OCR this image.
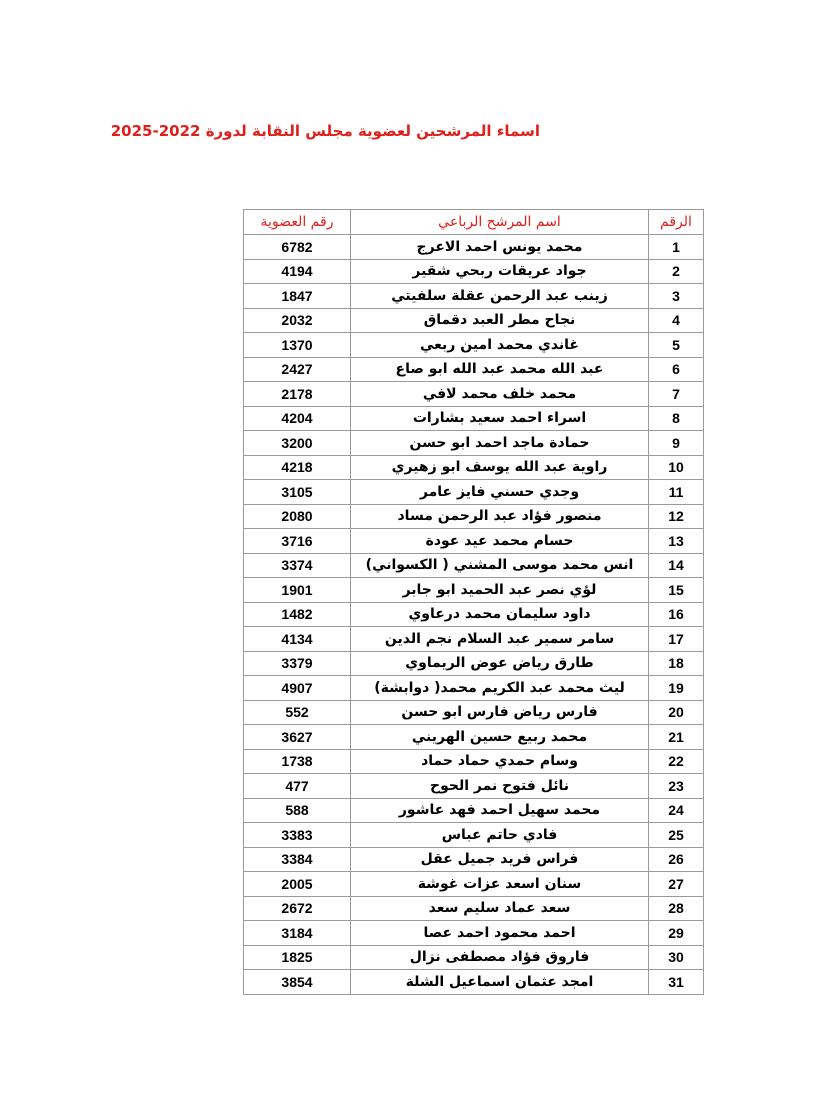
اسماء المرشحين لعضوية مجلس النقابة لدورة 2022-2025
الرقم	اسم المرشح الرباعي	رقم العضوية
1	محمد يونس احمد الاعرج	6782
2	جواد عريقات ربحي شقير	4194
3	زينب عبد الرحمن عقلة سلفيتي	1847
4	نجاح مطر العبد دقماق	2032
5	غاندي محمد امين ربعي	1370
6	عبد الله محمد عبد الله ابو صاع	2427
7	محمد خلف محمد لافي	2178
8	اسراء احمد سعيد بشارات	4204
9	حمادة ماجد احمد ابو حسن	3200
10	راوية عبد الله يوسف ابو زهيري	4218
11	وجدي حسني فايز عامر	3105
12	منصور فؤاد عبد الرحمن مساد	2080
13	حسام محمد عيد عودة	3716
14	انس محمد موسى المشني ( الكسواني)	3374
15	لؤي نصر عبد الحميد ابو جابر	1901
16	داود سليمان محمد درعاوي	1482
17	سامر سمير عبد السلام نجم الدين	4134
18	طارق رياض عوض الريماوي	3379
19	ليث محمد عبد الكريم محمد( دوابشة)	4907
20	فارس رياض فارس ابو حسن	552
21	محمد ربيع حسين الهريني	3627
22	وسام حمدي حماد حماد	1738
23	نائل فتوح نمر الحوح	477
24	محمد سهيل احمد فهد عاشور	588
25	فادي حاتم عباس	3383
26	فراس فريد جميل عقل	3384
27	سنان اسعد عزات غوشة	2005
28	سعد عماد سليم سعد	2672
29	احمد محمود احمد عصا	3184
30	فاروق فؤاد مصطفى نزال	1825
31	امجد عثمان اسماعيل الشلة	3854
